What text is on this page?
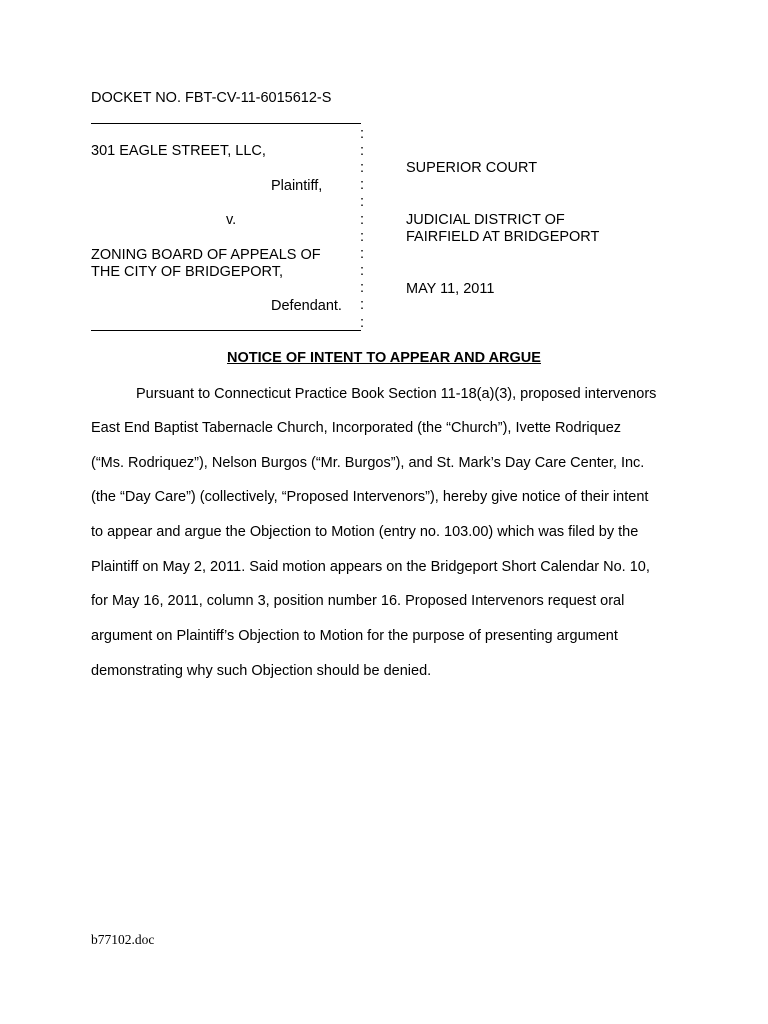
DOCKET NO. FBT-CV-11-6015612-S
301 EAGLE STREET, LLC,
Plaintiff,
v.
ZONING BOARD OF APPEALS OF
THE CITY OF BRIDGEPORT,
Defendant.
:
:
:
:
:
:
:
:
:
:
:
:
SUPERIOR COURT
JUDICIAL DISTRICT OF
FAIRFIELD AT BRIDGEPORT
MAY 11, 2011
NOTICE OF INTENT TO APPEAR AND ARGUE
Pursuant to Connecticut Practice Book Section 11-18(a)(3), proposed intervenors
East End Baptist Tabernacle Church, Incorporated (the “Church”), Ivette Rodriquez
(“Ms. Rodriquez”), Nelson Burgos (“Mr. Burgos”), and St. Mark’s Day Care Center, Inc.
(the “Day Care”) (collectively, “Proposed Intervenors”), hereby give notice of their intent
to appear and argue the Objection to Motion (entry no. 103.00) which was filed by the
Plaintiff on May 2, 2011. Said motion appears on the Bridgeport Short Calendar No. 10,
for May 16, 2011, column 3, position number 16. Proposed Intervenors request oral
argument on Plaintiff’s Objection to Motion for the purpose of presenting argument
demonstrating why such Objection should be denied.
b77102.doc
